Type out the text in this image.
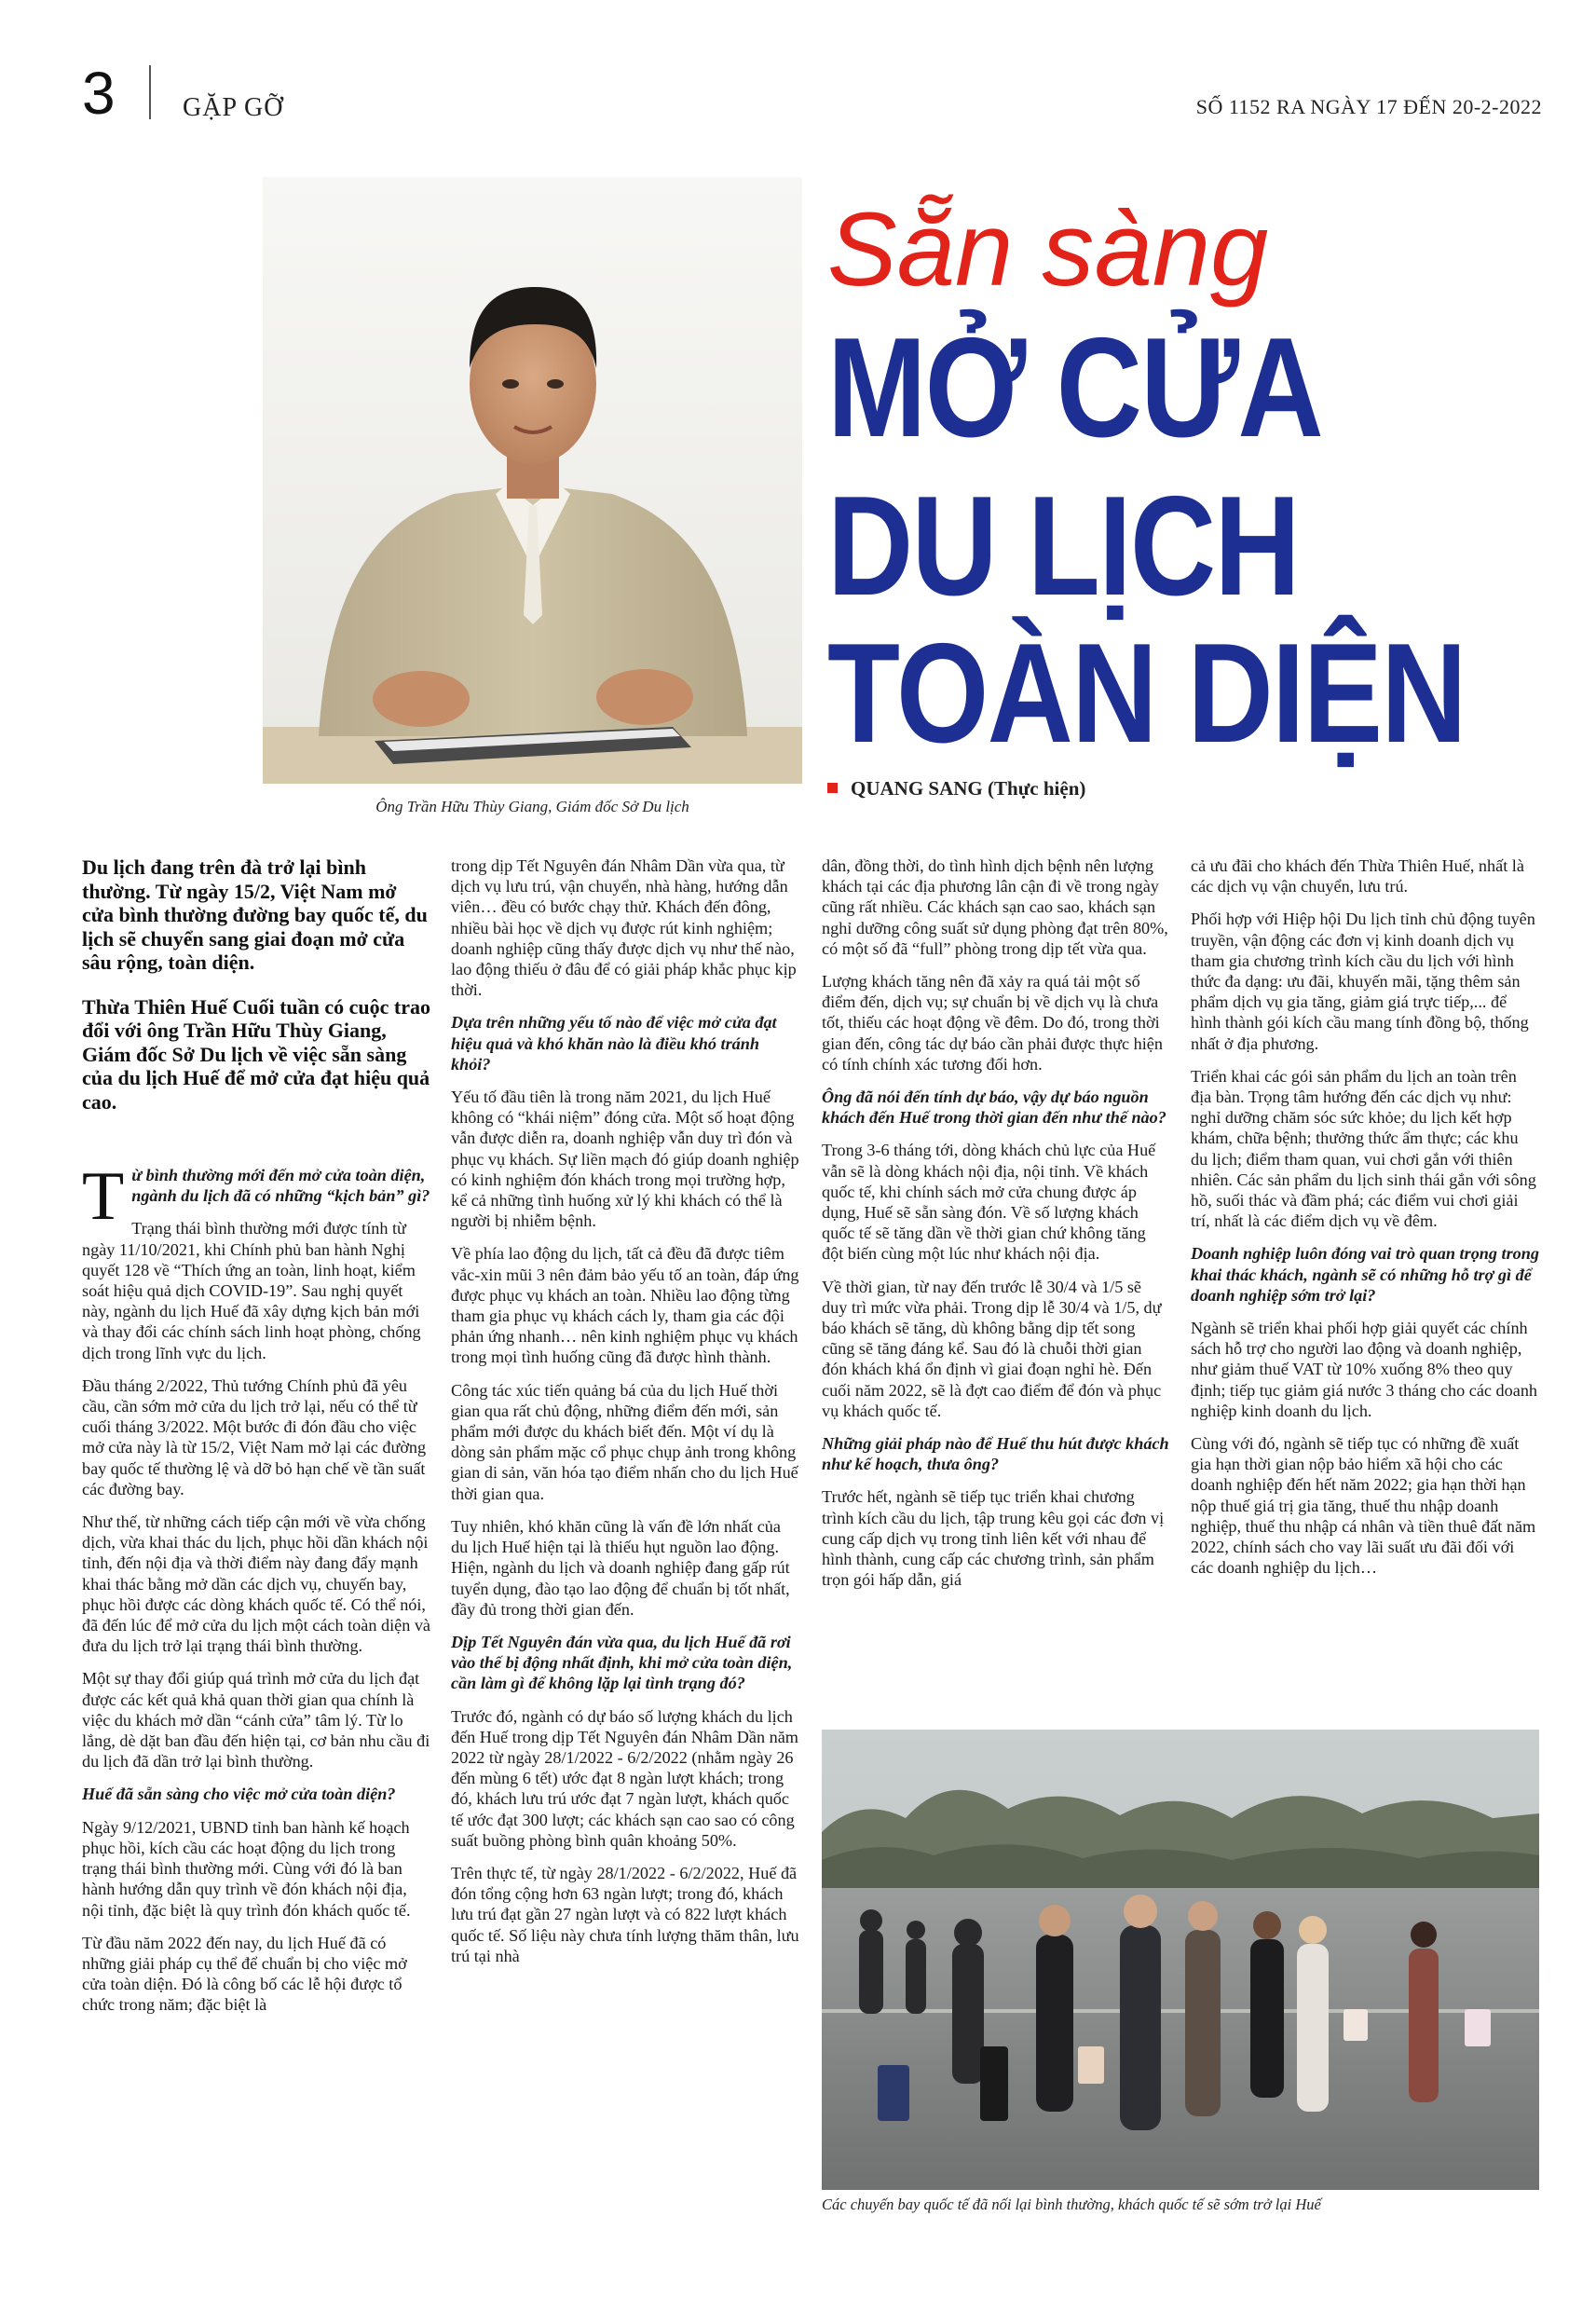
3	GẶP GỠ	SỐ 1152 RA NGÀY 17 ĐẾN 20-2-2022
Ông Trần Hữu Thùy Giang, Giám đốc Sở Du lịch
Sẵn sàng
MỞ CỬA
DU LỊCH
TOÀN DIỆN
QUANG SANG (Thực hiện)

Du lịch đang trên đà trở lại bình thường. Từ ngày 15/2, Việt Nam mở cửa bình thường đường bay quốc tế, du lịch sẽ chuyển sang giai đoạn mở cửa sâu rộng, toàn diện.

Thừa Thiên Huế Cuối tuần có cuộc trao đổi với ông Trần Hữu Thùy Giang, Giám đốc Sở Du lịch về việc sẵn sàng của du lịch Huế để mở cửa đạt hiệu quả cao.

Từ bình thường mới đến mở cửa toàn diện, ngành du lịch đã có những “kịch bản” gì?

Trạng thái bình thường mới được tính từ ngày 11/10/2021, khi Chính phủ ban hành Nghị quyết 128 về “Thích ứng an toàn, linh hoạt, kiểm soát hiệu quả dịch COVID-19”. Sau nghị quyết này, ngành du lịch Huế đã xây dựng kịch bản mới và thay đổi các chính sách linh hoạt phòng, chống dịch trong lĩnh vực du lịch.

Đầu tháng 2/2022, Thủ tướng Chính phủ đã yêu cầu, cần sớm mở cửa du lịch trở lại, nếu có thể từ cuối tháng 3/2022. Một bước đi đón đầu cho việc mở cửa này là từ 15/2, Việt Nam mở lại các đường bay quốc tế thường lệ và dỡ bỏ hạn chế về tần suất các đường bay.

Như thế, từ những cách tiếp cận mới về vừa chống dịch, vừa khai thác du lịch, phục hồi dần khách nội tỉnh, đến nội địa và thời điểm này đang đẩy mạnh khai thác bằng mở dần các dịch vụ, chuyến bay, phục hồi được các dòng khách quốc tế. Có thể nói, đã đến lúc để mở cửa du lịch một cách toàn diện và đưa du lịch trở lại trạng thái bình thường.

Một sự thay đổi giúp quá trình mở cửa du lịch đạt được các kết quả khả quan thời gian qua chính là việc du khách mở dần “cánh cửa” tâm lý. Từ lo lắng, dè dặt ban đầu đến hiện tại, cơ bản nhu cầu đi du lịch đã dần trở lại bình thường.

Huế đã sẵn sàng cho việc mở cửa toàn diện?

Ngày 9/12/2021, UBND tỉnh ban hành kế hoạch phục hồi, kích cầu các hoạt động du lịch trong trạng thái bình thường mới. Cùng với đó là ban hành hướng dẫn quy trình về đón khách nội địa, nội tỉnh, đặc biệt là quy trình đón khách quốc tế.

Từ đầu năm 2022 đến nay, du lịch Huế đã có những giải pháp cụ thể để chuẩn bị cho việc mở cửa toàn diện. Đó là công bố các lễ hội được tổ chức trong năm; đặc biệt là

trong dịp Tết Nguyên đán Nhâm Dần vừa qua, từ dịch vụ lưu trú, vận chuyển, nhà hàng, hướng dẫn viên… đều có bước chạy thử. Khách đến đông, nhiều bài học về dịch vụ được rút kinh nghiệm; doanh nghiệp cũng thấy được dịch vụ như thế nào, lao động thiếu ở đâu để có giải pháp khắc phục kịp thời.

Dựa trên những yếu tố nào để việc mở cửa đạt hiệu quả và khó khăn nào là điều khó tránh khỏi?

Yếu tố đầu tiên là trong năm 2021, du lịch Huế không có “khái niệm” đóng cửa. Một số hoạt động vẫn được diễn ra, doanh nghiệp vẫn duy trì đón và phục vụ khách. Sự liền mạch đó giúp doanh nghiệp có kinh nghiệm đón khách trong mọi trường hợp, kể cả những tình huống xử lý khi khách có thể là người bị nhiễm bệnh.

Về phía lao động du lịch, tất cả đều đã được tiêm vắc-xin mũi 3 nên đảm bảo yếu tố an toàn, đáp ứng được phục vụ khách an toàn. Nhiều lao động từng tham gia phục vụ khách cách ly, tham gia các đội phản ứng nhanh… nên kinh nghiệm phục vụ khách trong mọi tình huống cũng đã được hình thành.

Công tác xúc tiến quảng bá của du lịch Huế thời gian qua rất chủ động, những điểm đến mới, sản phẩm mới được du khách biết đến. Một ví dụ là dòng sản phẩm mặc cổ phục chụp ảnh trong không gian di sản, văn hóa tạo điểm nhấn cho du lịch Huế thời gian qua.

Tuy nhiên, khó khăn cũng là vấn đề lớn nhất của du lịch Huế hiện tại là thiếu hụt nguồn lao động. Hiện, ngành du lịch và doanh nghiệp đang gấp rút tuyển dụng, đào tạo lao động để chuẩn bị tốt nhất, đầy đủ trong thời gian đến.

Dịp Tết Nguyên đán vừa qua, du lịch Huế đã rơi vào thế bị động nhất định, khi mở cửa toàn diện, cần làm gì để không lặp lại tình trạng đó?

Trước đó, ngành có dự báo số lượng khách du lịch đến Huế trong dịp Tết Nguyên đán Nhâm Dần năm 2022 từ ngày 28/1/2022 - 6/2/2022 (nhằm ngày 26 đến mùng 6 tết) ước đạt 8 ngàn lượt khách; trong đó, khách lưu trú ước đạt 7 ngàn lượt, khách quốc tế ước đạt 300 lượt; các khách sạn cao sao có công suất buồng phòng bình quân khoảng 50%.

Trên thực tế, từ ngày 28/1/2022 - 6/2/2022, Huế đã đón tổng cộng hơn 63 ngàn lượt; trong đó, khách lưu trú đạt gần 27 ngàn lượt và có 822 lượt khách quốc tế. Số liệu này chưa tính lượng thăm thân, lưu trú tại nhà

dân, đồng thời, do tình hình dịch bệnh nên lượng khách tại các địa phương lân cận đi về trong ngày cũng rất nhiều. Các khách sạn cao sao, khách sạn nghỉ dưỡng công suất sử dụng phòng đạt trên 80%, có một số đã “full” phòng trong dịp tết vừa qua.

Lượng khách tăng nên đã xảy ra quá tải một số điểm đến, dịch vụ; sự chuẩn bị về dịch vụ là chưa tốt, thiếu các hoạt động về đêm. Do đó, trong thời gian đến, công tác dự báo cần phải được thực hiện có tính chính xác tương đối hơn.

Ông đã nói đến tính dự báo, vậy dự báo nguồn khách đến Huế trong thời gian đến như thế nào?

Trong 3-6 tháng tới, dòng khách chủ lực của Huế vẫn sẽ là dòng khách nội địa, nội tỉnh. Về khách quốc tế, khi chính sách mở cửa chung được áp dụng, Huế sẽ sẵn sàng đón. Về số lượng khách quốc tế sẽ tăng dần về thời gian chứ không tăng đột biến cùng một lúc như khách nội địa.

Về thời gian, từ nay đến trước lễ 30/4 và 1/5 sẽ duy trì mức vừa phải. Trong dịp lễ 30/4 và 1/5, dự báo khách sẽ tăng, dù không bằng dịp tết song cũng sẽ tăng đáng kể. Sau đó là chuỗi thời gian đón khách khá ổn định vì giai đoạn nghỉ hè. Đến cuối năm 2022, sẽ là đợt cao điểm để đón và phục vụ khách quốc tế.

Những giải pháp nào để Huế thu hút được khách như kế hoạch, thưa ông?

Trước hết, ngành sẽ tiếp tục triển khai chương trình kích cầu du lịch, tập trung kêu gọi các đơn vị cung cấp dịch vụ trong tỉnh liên kết với nhau để hình thành, cung cấp các chương trình, sản phẩm trọn gói hấp dẫn, giá

cả ưu đãi cho khách đến Thừa Thiên Huế, nhất là các dịch vụ vận chuyển, lưu trú.

Phối hợp với Hiệp hội Du lịch tỉnh chủ động tuyên truyền, vận động các đơn vị kinh doanh dịch vụ tham gia chương trình kích cầu du lịch với hình thức đa dạng: ưu đãi, khuyến mãi, tặng thêm sản phẩm dịch vụ gia tăng, giảm giá trực tiếp,... để hình thành gói kích cầu mang tính đồng bộ, thống nhất ở địa phương.

Triển khai các gói sản phẩm du lịch an toàn trên địa bàn. Trọng tâm hướng đến các dịch vụ như: nghỉ dưỡng chăm sóc sức khỏe; du lịch kết hợp khám, chữa bệnh; thưởng thức ẩm thực; các khu du lịch; điểm tham quan, vui chơi gắn với thiên nhiên. Các sản phẩm du lịch sinh thái gắn với sông hồ, suối thác và đầm phá; các điểm vui chơi giải trí, nhất là các điểm dịch vụ về đêm.

Doanh nghiệp luôn đóng vai trò quan trọng trong khai thác khách, ngành sẽ có những hỗ trợ gì để doanh nghiệp sớm trở lại?

Ngành sẽ triển khai phối hợp giải quyết các chính sách hỗ trợ cho người lao động và doanh nghiệp, như giảm thuế VAT từ 10% xuống 8% theo quy định; tiếp tục giảm giá nước 3 tháng cho các doanh nghiệp kinh doanh du lịch.

Cùng với đó, ngành sẽ tiếp tục có những đề xuất gia hạn thời gian nộp bảo hiểm xã hội cho các doanh nghiệp đến hết năm 2022; gia hạn thời hạn nộp thuế giá trị gia tăng, thuế thu nhập doanh nghiệp, thuế thu nhập cá nhân và tiền thuê đất năm 2022, chính sách cho vay lãi suất ưu đãi đối với các doanh nghiệp du lịch…

Các chuyến bay quốc tế đã nối lại bình thường, khách quốc tế sẽ sớm trở lại Huế
